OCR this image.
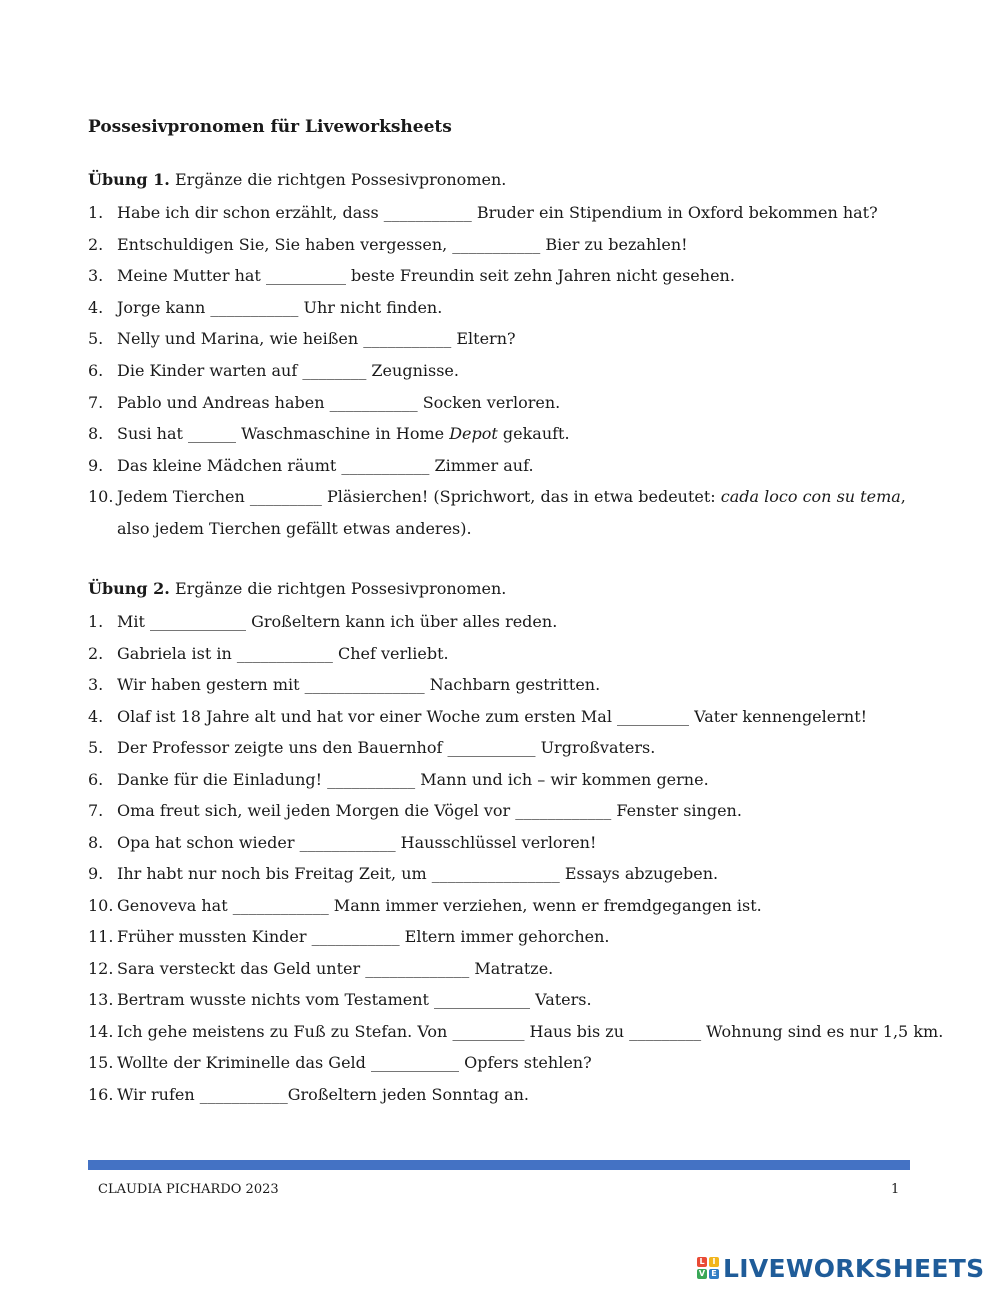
Possesivpronomen für Liveworksheets
Übung 1. Ergänze die richtgen Possesivpronomen.
1. Habe ich dir schon erzählt, dass ___________ Bruder ein Stipendium in Oxford bekommen hat?
2. Entschuldigen Sie, Sie haben vergessen, ___________ Bier zu bezahlen!
3. Meine Mutter hat __________ beste Freundin seit zehn Jahren nicht gesehen.
4. Jorge kann ___________ Uhr nicht finden.
5. Nelly und Marina, wie heißen ___________ Eltern?
6. Die Kinder warten auf ________ Zeugnisse.
7. Pablo und Andreas haben ___________ Socken verloren.
8. Susi hat ______ Waschmaschine in Home Depot gekauft.
9. Das kleine Mädchen räumt ___________ Zimmer auf.
10. Jedem Tierchen _________ Pläsierchen! (Sprichwort, das in etwa bedeutet: cada loco con su tema, also jedem Tierchen gefällt etwas anderes).
Übung 2. Ergänze die richtgen Possesivpronomen.
1. Mit ____________ Großeltern kann ich über alles reden.
2. Gabriela ist in ____________ Chef verliebt.
3. Wir haben gestern mit _______________ Nachbarn gestritten.
4. Olaf ist 18 Jahre alt und hat vor einer Woche zum ersten Mal _________ Vater kennengelernt!
5. Der Professor zeigte uns den Bauernhof ___________ Urgroßvaters.
6. Danke für die Einladung! ___________ Mann und ich – wir kommen gerne.
7. Oma freut sich, weil jeden Morgen die Vögel vor ____________ Fenster singen.
8. Opa hat schon wieder ____________ Hausschlüssel verloren!
9. Ihr habt nur noch bis Freitag Zeit, um ________________ Essays abzugeben.
10. Genoveva hat ____________ Mann immer verziehen, wenn er fremdgegangen ist.
11. Früher mussten Kinder ___________ Eltern immer gehorchen.
12. Sara versteckt das Geld unter _____________ Matratze.
13. Bertram wusste nichts vom Testament ____________ Vaters.
14. Ich gehe meistens zu Fuß zu Stefan. Von _________ Haus bis zu _________ Wohnung sind es nur 1,5 km.
15. Wollte der Kriminelle das Geld ___________ Opfers stehlen?
16. Wir rufen ___________Großeltern jeden Sonntag an.
CLAUDIA PICHARDO 2023	1
L I
V E LIVEWORKSHEETS
